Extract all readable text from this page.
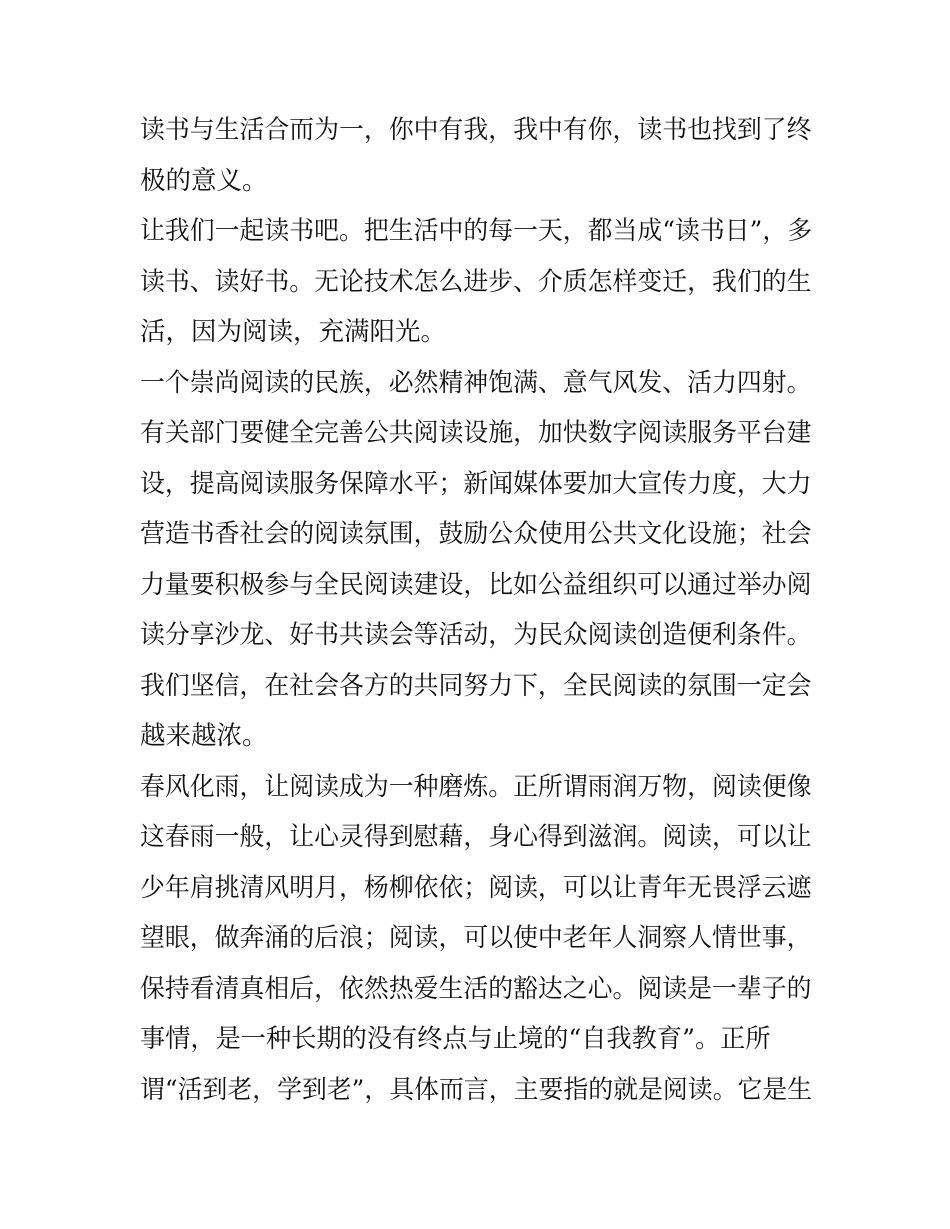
读书与生活合而为一，你中有我，我中有你，读书也找到了终
极的意义。
让我们一起读书吧。把生活中的每一天，都当成“读书日”，多
读书、读好书。无论技术怎么进步、介质怎样变迁，我们的生
活，因为阅读，充满阳光。
一个崇尚阅读的民族，必然精神饱满、意气风发、活力四射。
有关部门要健全完善公共阅读设施，加快数字阅读服务平台建
设，提高阅读服务保障水平；新闻媒体要加大宣传力度，大力
营造书香社会的阅读氛围，鼓励公众使用公共文化设施；社会
力量要积极参与全民阅读建设，比如公益组织可以通过举办阅
读分享沙龙、好书共读会等活动，为民众阅读创造便利条件。
我们坚信，在社会各方的共同努力下，全民阅读的氛围一定会
越来越浓。
春风化雨，让阅读成为一种磨炼。正所谓雨润万物，阅读便像
这春雨一般，让心灵得到慰藉，身心得到滋润。阅读，可以让
少年肩挑清风明月，杨柳依依；阅读，可以让青年无畏浮云遮
望眼，做奔涌的后浪；阅读，可以使中老年人洞察人情世事，
保持看清真相后，依然热爱生活的豁达之心。阅读是一辈子的
事情，是一种长期的没有终点与止境的“自我教育”。正所
谓“活到老，学到老”，具体而言，主要指的就是阅读。它是生
